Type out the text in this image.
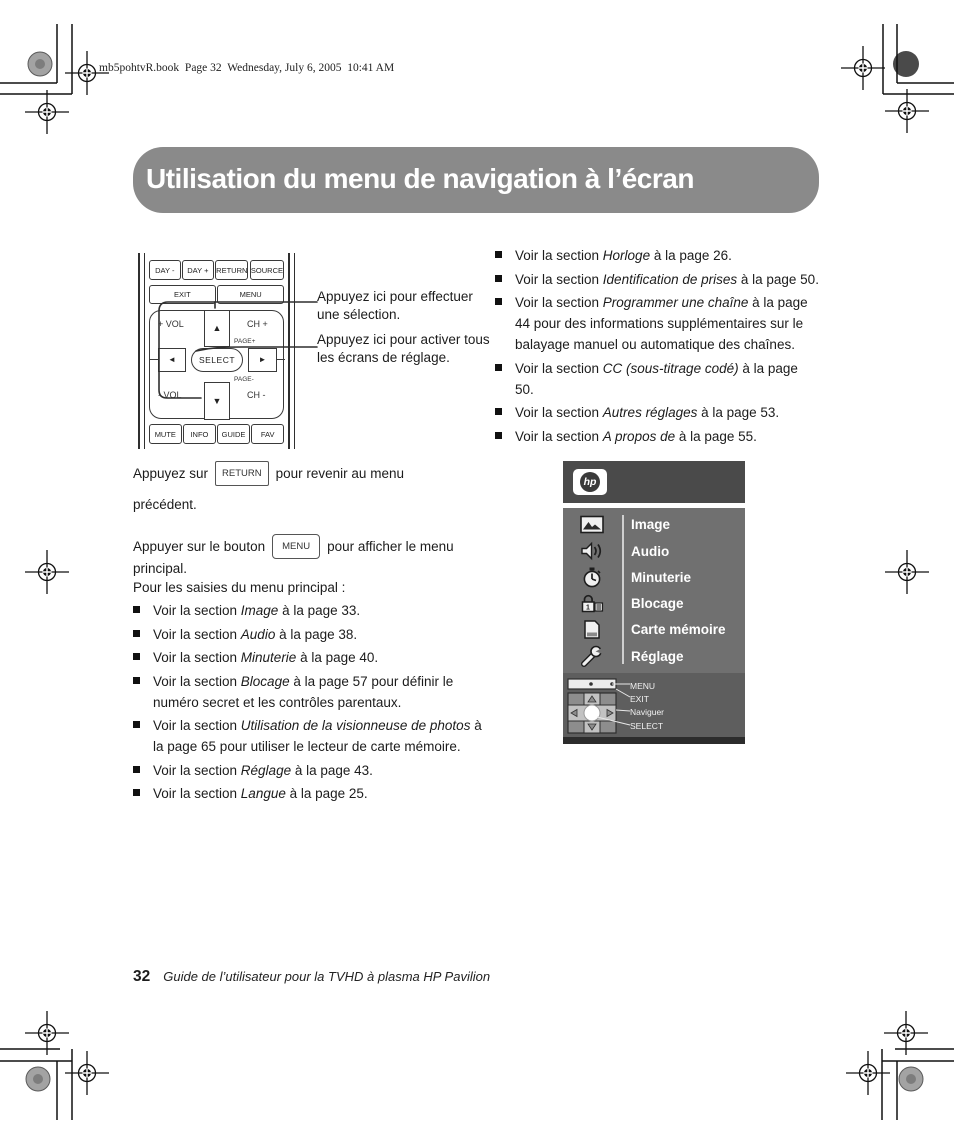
mb5pohtvR.book  Page 32  Wednesday, July 6, 2005  10:41 AM
Utilisation du menu de navigation à l’écran
DAY -	DAY +	RETURN SOURCE
EXIT	MENU
+ VOL	CH +
- VOL	CH -
PAGE+
PAGE-
▲
▼
◄	►
SELECT
MUTE	INFO	GUIDE	FAV
Appuyez ici pour effectuer une sélection.
Appuyez ici pour activer tous les écrans de réglage.
Appuyez sur	RETURN	pour revenir au menu
précédent.
Appuyer sur le bouton	MENU	pour afficher le menu
principal.
Pour les saisies du menu principal :

Voir la section Image à la page 33.

Voir la section Audio à la page 38.

Voir la section Minuterie à la page 40.

Voir la section Blocage à la page 57 pour définir le numéro secret et les contrôles parentaux.

Voir la section Utilisation de la visionneuse de photos à la page 65 pour utiliser le lecteur de carte mémoire.

Voir la section Réglage à la page 43.

Voir la section Langue à la page 25.

Voir la section Horloge à la page 26.

Voir la section Identification de prises à la page 50.

Voir la section Programmer une chaîne à la page 44 pour des informations supplémentaires sur le balayage manuel ou automatique des chaînes.

Voir la section CC (sous-titrage codé) à la page 50.

Voir la section Autres réglages à la page 53.

Voir la section A propos de à la page 55.

hp
Image
Audio
Minuterie
1	Blocage
Carte mémoire
Réglage
MENU
EXIT
Naviguer
SELECT
32 Guide de l’utilisateur pour la TVHD à plasma HP Pavilion
